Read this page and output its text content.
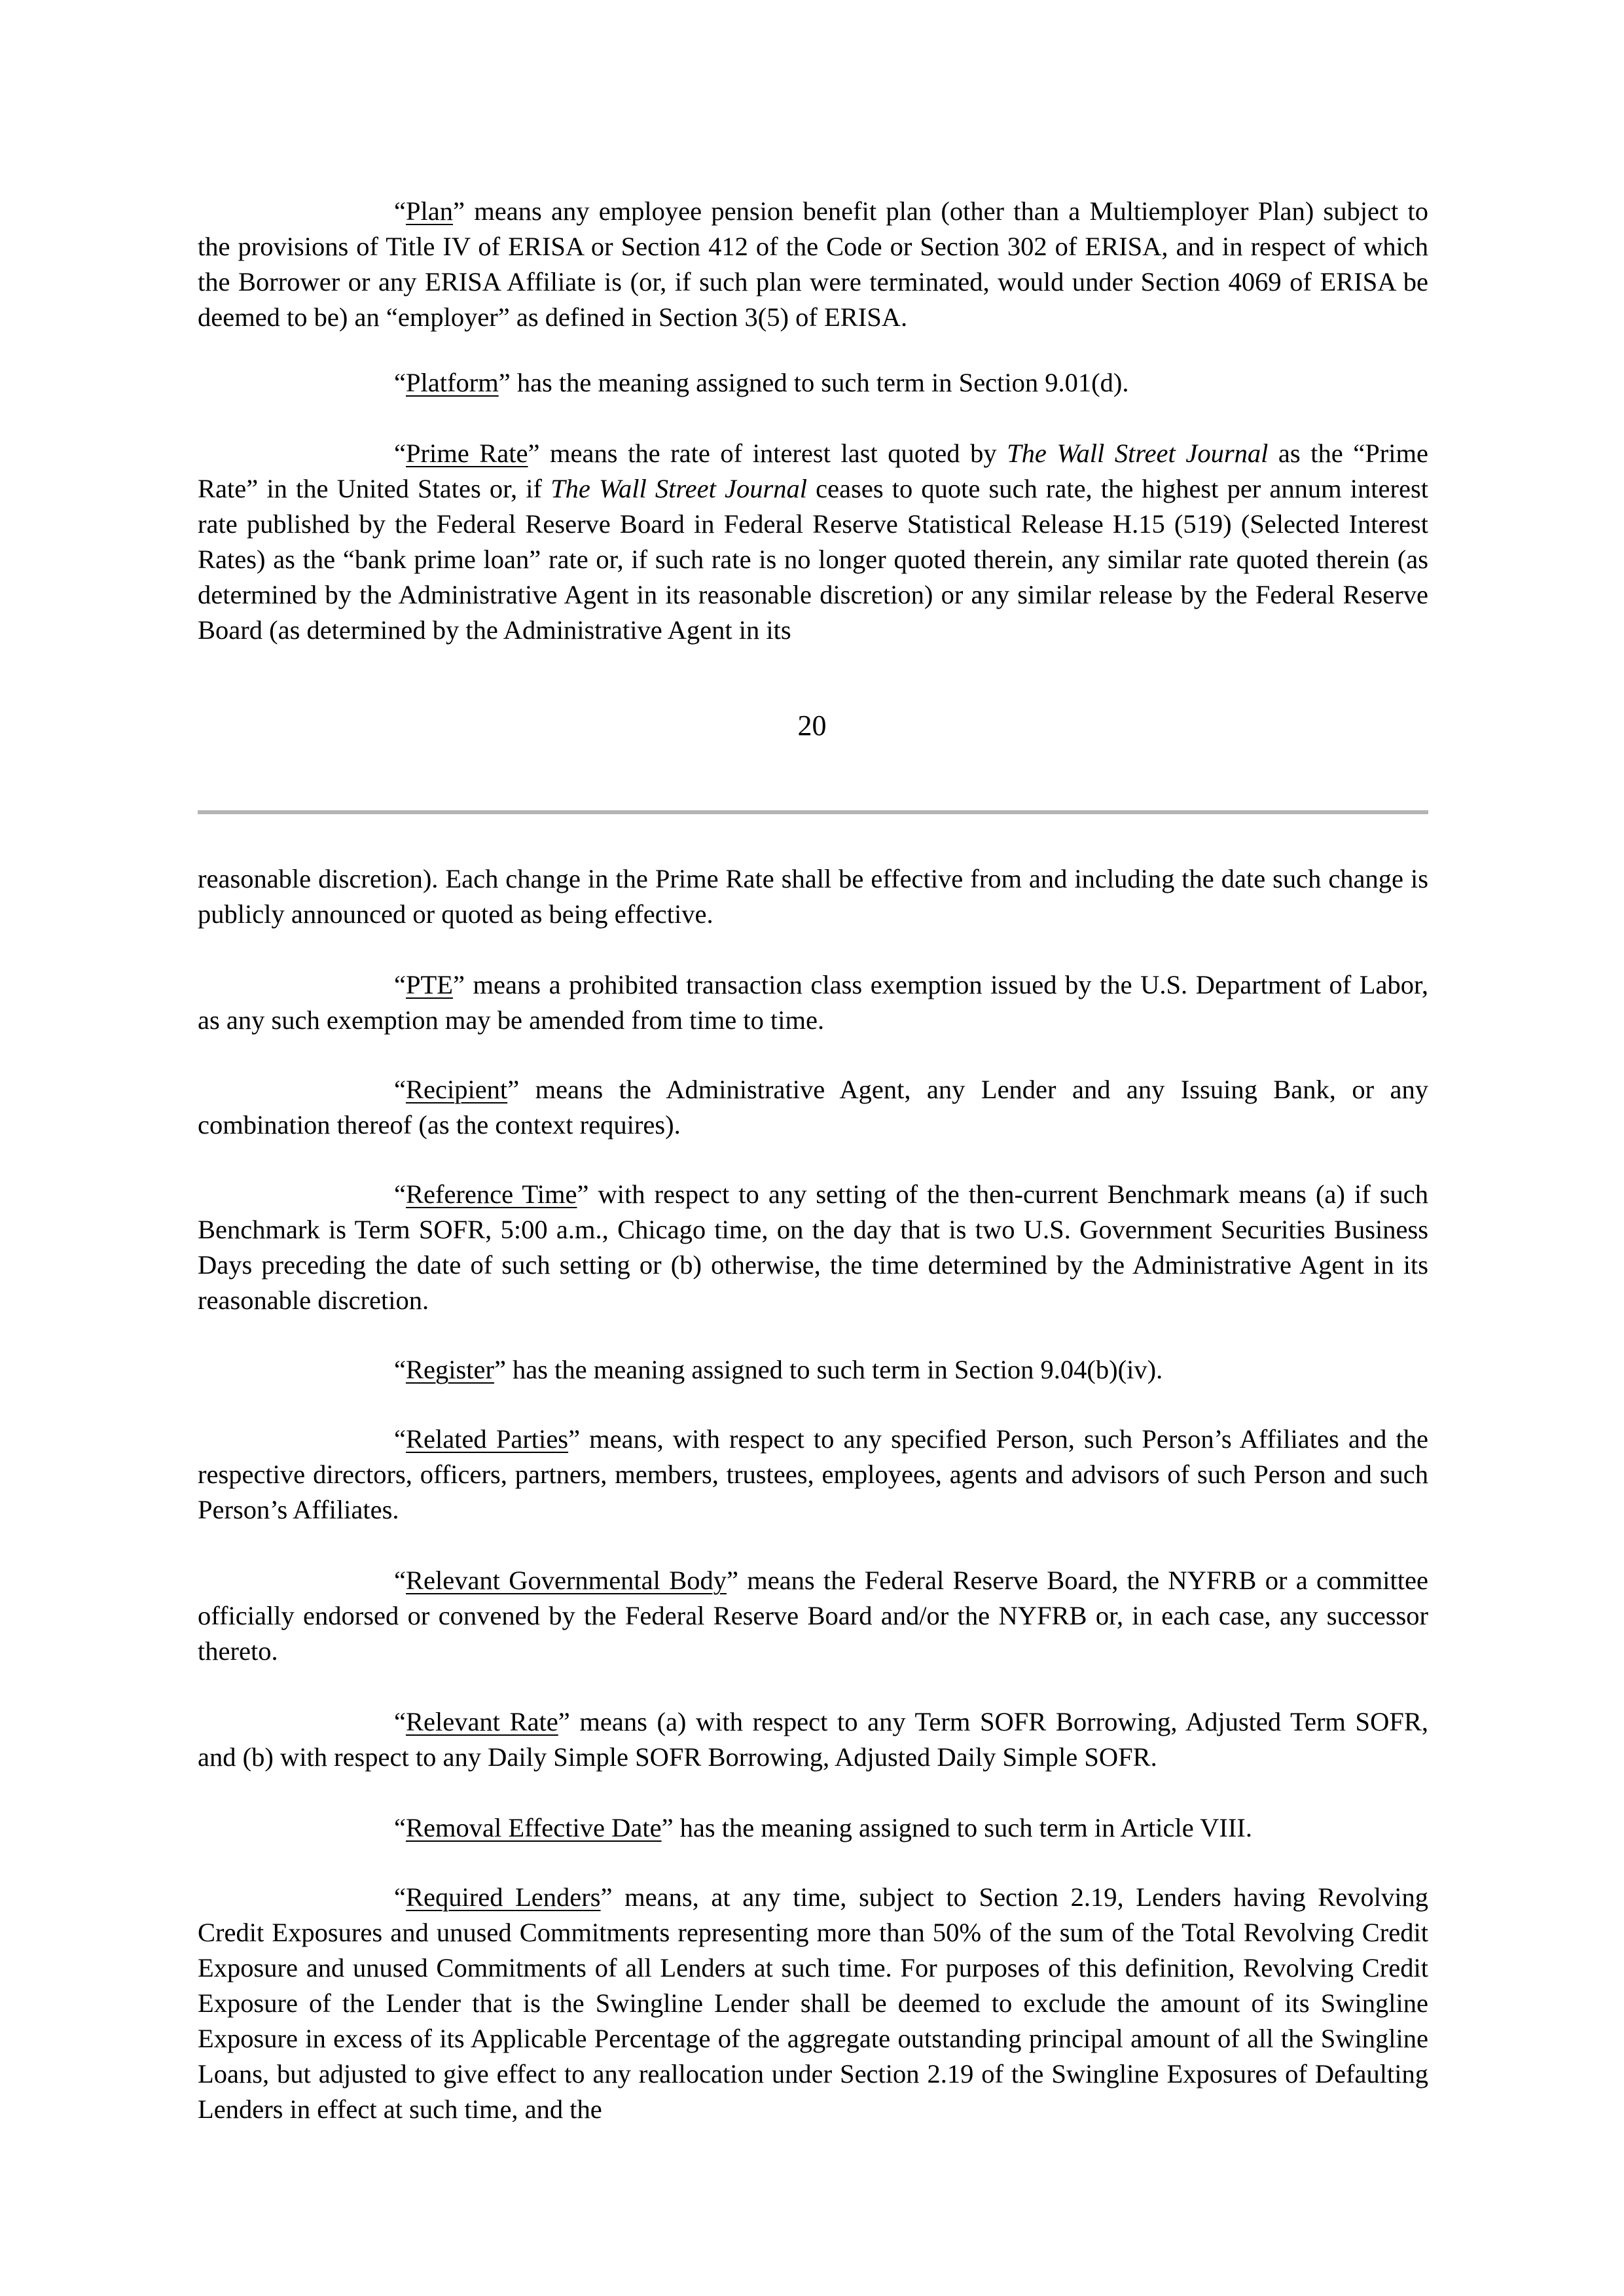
“Plan” means any employee pension benefit plan (other than a Multiemployer Plan) subject to the provisions of Title IV of ERISA or Section 412 of the Code or Section 302 of ERISA, and in respect of which the Borrower or any ERISA Affiliate is (or, if such plan were terminated, would under Section 4069 of ERISA be deemed to be) an “employer” as defined in Section 3(5) of ERISA.

“Platform” has the meaning assigned to such term in Section 9.01(d).

“Prime Rate” means the rate of interest last quoted by The Wall Street Journal as the “Prime Rate” in the United States or, if The Wall Street Journal ceases to quote such rate, the highest per annum interest rate published by the Federal Reserve Board in Federal Reserve Statistical Release H.15 (519) (Selected Interest Rates) as the “bank prime loan” rate or, if such rate is no longer quoted therein, any similar rate quoted therein (as determined by the Administrative Agent in its reasonable discretion) or any similar release by the Federal Reserve Board (as determined by the Administrative Agent in its

20

reasonable discretion). Each change in the Prime Rate shall be effective from and including the date such change is publicly announced or quoted as being effective.

“PTE” means a prohibited transaction class exemption issued by the U.S. Department of Labor, as any such exemption may be amended from time to time.

“Recipient” means the Administrative Agent, any Lender and any Issuing Bank, or any combination thereof (as the context requires).

“Reference Time” with respect to any setting of the then-current Benchmark means (a) if such Benchmark is Term SOFR, 5:00 a.m., Chicago time, on the day that is two U.S. Government Securities Business Days preceding the date of such setting or (b) otherwise, the time determined by the Administrative Agent in its reasonable discretion.

“Register” has the meaning assigned to such term in Section 9.04(b)(iv).

“Related Parties” means, with respect to any specified Person, such Person’s Affiliates and the respective directors, officers, partners, members, trustees, employees, agents and advisors of such Person and such Person’s Affiliates.

“Relevant Governmental Body” means the Federal Reserve Board, the NYFRB or a committee officially endorsed or convened by the Federal Reserve Board and/or the NYFRB or, in each case, any successor thereto.

“Relevant Rate” means (a) with respect to any Term SOFR Borrowing, Adjusted Term SOFR, and (b) with respect to any Daily Simple SOFR Borrowing, Adjusted Daily Simple SOFR.

“Removal Effective Date” has the meaning assigned to such term in Article VIII.

“Required Lenders” means, at any time, subject to Section 2.19, Lenders having Revolving Credit Exposures and unused Commitments representing more than 50% of the sum of the Total Revolving Credit Exposure and unused Commitments of all Lenders at such time. For purposes of this definition, Revolving Credit Exposure of the Lender that is the Swingline Lender shall be deemed to exclude the amount of its Swingline Exposure in excess of its Applicable Percentage of the aggregate outstanding principal amount of all the Swingline Loans, but adjusted to give effect to any reallocation under Section 2.19 of the Swingline Exposures of Defaulting Lenders in effect at such time, and the
